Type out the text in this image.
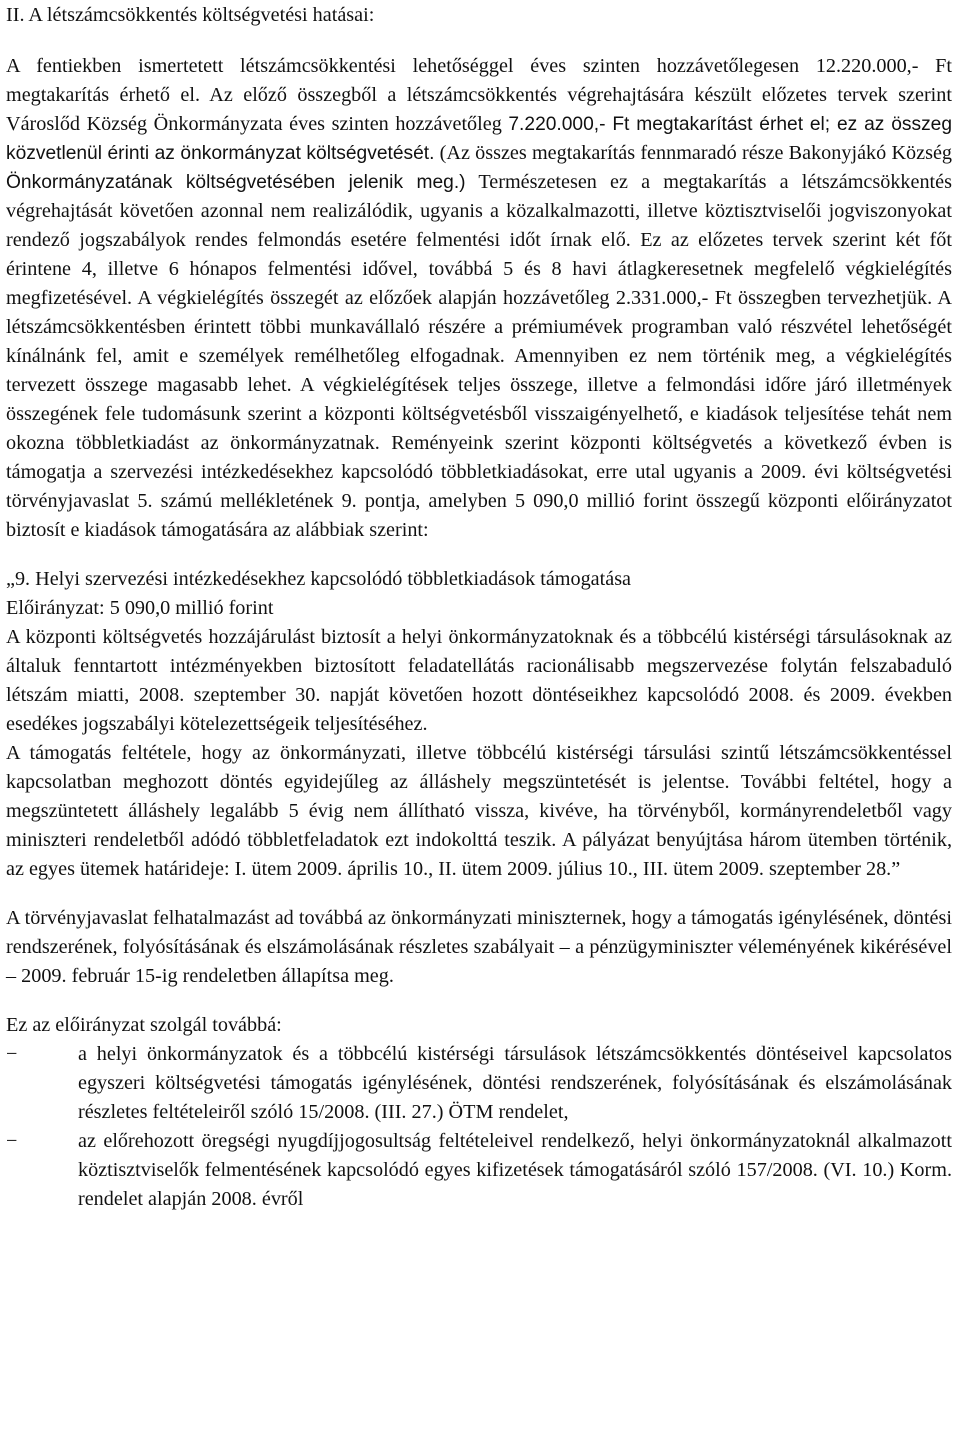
II. A létszámcsökkentés költségvetési hatásai:

A fentiekben ismertetett létszámcsökkentési lehetőséggel éves szinten hozzávetőlegesen 12.220.000,- Ft megtakarítás érhető el. Az előző összegből a létszámcsökkentés végrehajtására készült előzetes tervek szerint Városlőd Község Önkormányzata éves szinten hozzávetőleg 7.220.000,- Ft megtakarítást érhet el; ez az összeg közvetlenül érinti az önkormányzat költségvetését. (Az összes megtakarítás fennmaradó része Bakonyjákó Község Önkormányzatának költségvetésében jelenik meg.) Természetesen ez a megtakarítás a létszámcsökkentés végrehajtását követően azonnal nem realizálódik, ugyanis a közalkalmazotti, illetve köztisztviselői jogviszonyokat rendező jogszabályok rendes felmondás esetére felmentési időt írnak elő. Ez az előzetes tervek szerint két főt érintene 4, illetve 6 hónapos felmentési idővel, továbbá 5 és 8 havi átlagkeresetnek megfelelő végkielégítés megfizetésével. A végkielégítés összegét az előzőek alapján hozzávetőleg 2.331.000,- Ft összegben tervezhetjük. A létszámcsökkentésben érintett többi munkavállaló részére a prémiumévek programban való részvétel lehetőségét kínálnánk fel, amit e személyek remélhetőleg elfogadnak. Amennyiben ez nem történik meg, a végkielégítés tervezett összege magasabb lehet. A végkielégítések teljes összege, illetve a felmondási időre járó illetmények összegének fele tudomásunk szerint a központi költségvetésből visszaigényelhető, e kiadások teljesítése tehát nem okozna többletkiadást az önkormányzatnak. Reményeink szerint központi költségvetés a következő évben is támogatja a szervezési intézkedésekhez kapcsolódó többletkiadásokat, erre utal ugyanis a 2009. évi költségvetési törvényjavaslat 5. számú mellékletének 9. pontja, amelyben 5 090,0 millió forint összegű központi előirányzatot biztosít e kiadások támogatására az alábbiak szerint:

„9. Helyi szervezési intézkedésekhez kapcsolódó többletkiadások támogatása

Előirányzat: 5 090,0 millió forint

A központi költségvetés hozzájárulást biztosít a helyi önkormányzatoknak és a többcélú kistérségi társulásoknak az általuk fenntartott intézményekben biztosított feladatellátás racionálisabb megszervezése folytán felszabaduló létszám miatti, 2008. szeptember 30. napját követően hozott döntéseikhez kapcsolódó 2008. és 2009. években esedékes jogszabályi kötelezettségeik teljesítéséhez.

A támogatás feltétele, hogy az önkormányzati, illetve többcélú kistérségi társulási szintű létszámcsökkentéssel kapcsolatban meghozott döntés egyidejűleg az álláshely megszüntetését is jelentse. További feltétel, hogy a megszüntetett álláshely legalább 5 évig nem állítható vissza, kivéve, ha törvényből, kormányrendeletből vagy miniszteri rendeletből adódó többletfeladatok ezt indokolttá teszik. A pályázat benyújtása három ütemben történik, az egyes ütemek határideje: I. ütem 2009. április 10., II. ütem 2009. július 10., III. ütem 2009. szeptember 28.”

A törvényjavaslat felhatalmazást ad továbbá az önkormányzati miniszternek, hogy a támogatás igénylésének, döntési rendszerének, folyósításának és elszámolásának részletes szabályait – a pénzügyminiszter véleményének kikérésével – 2009. február 15-ig rendeletben állapítsa meg.

Ez az előirányzat szolgál továbbá:

−	a helyi önkormányzatok és a többcélú kistérségi társulások létszámcsökkentés döntéseivel kapcsolatos egyszeri költségvetési támogatás igénylésének, döntési rendszerének, folyósításának és elszámolásának részletes feltételeiről szóló 15/2008. (III. 27.) ÖTM rendelet,
−	az előrehozott öregségi nyugdíjjogosultság feltételeivel rendelkező, helyi önkormányzatoknál alkalmazott köztisztviselők felmentésének kapcsolódó egyes kifizetések támogatásáról szóló 157/2008. (VI. 10.) Korm. rendelet alapján 2008. évről
